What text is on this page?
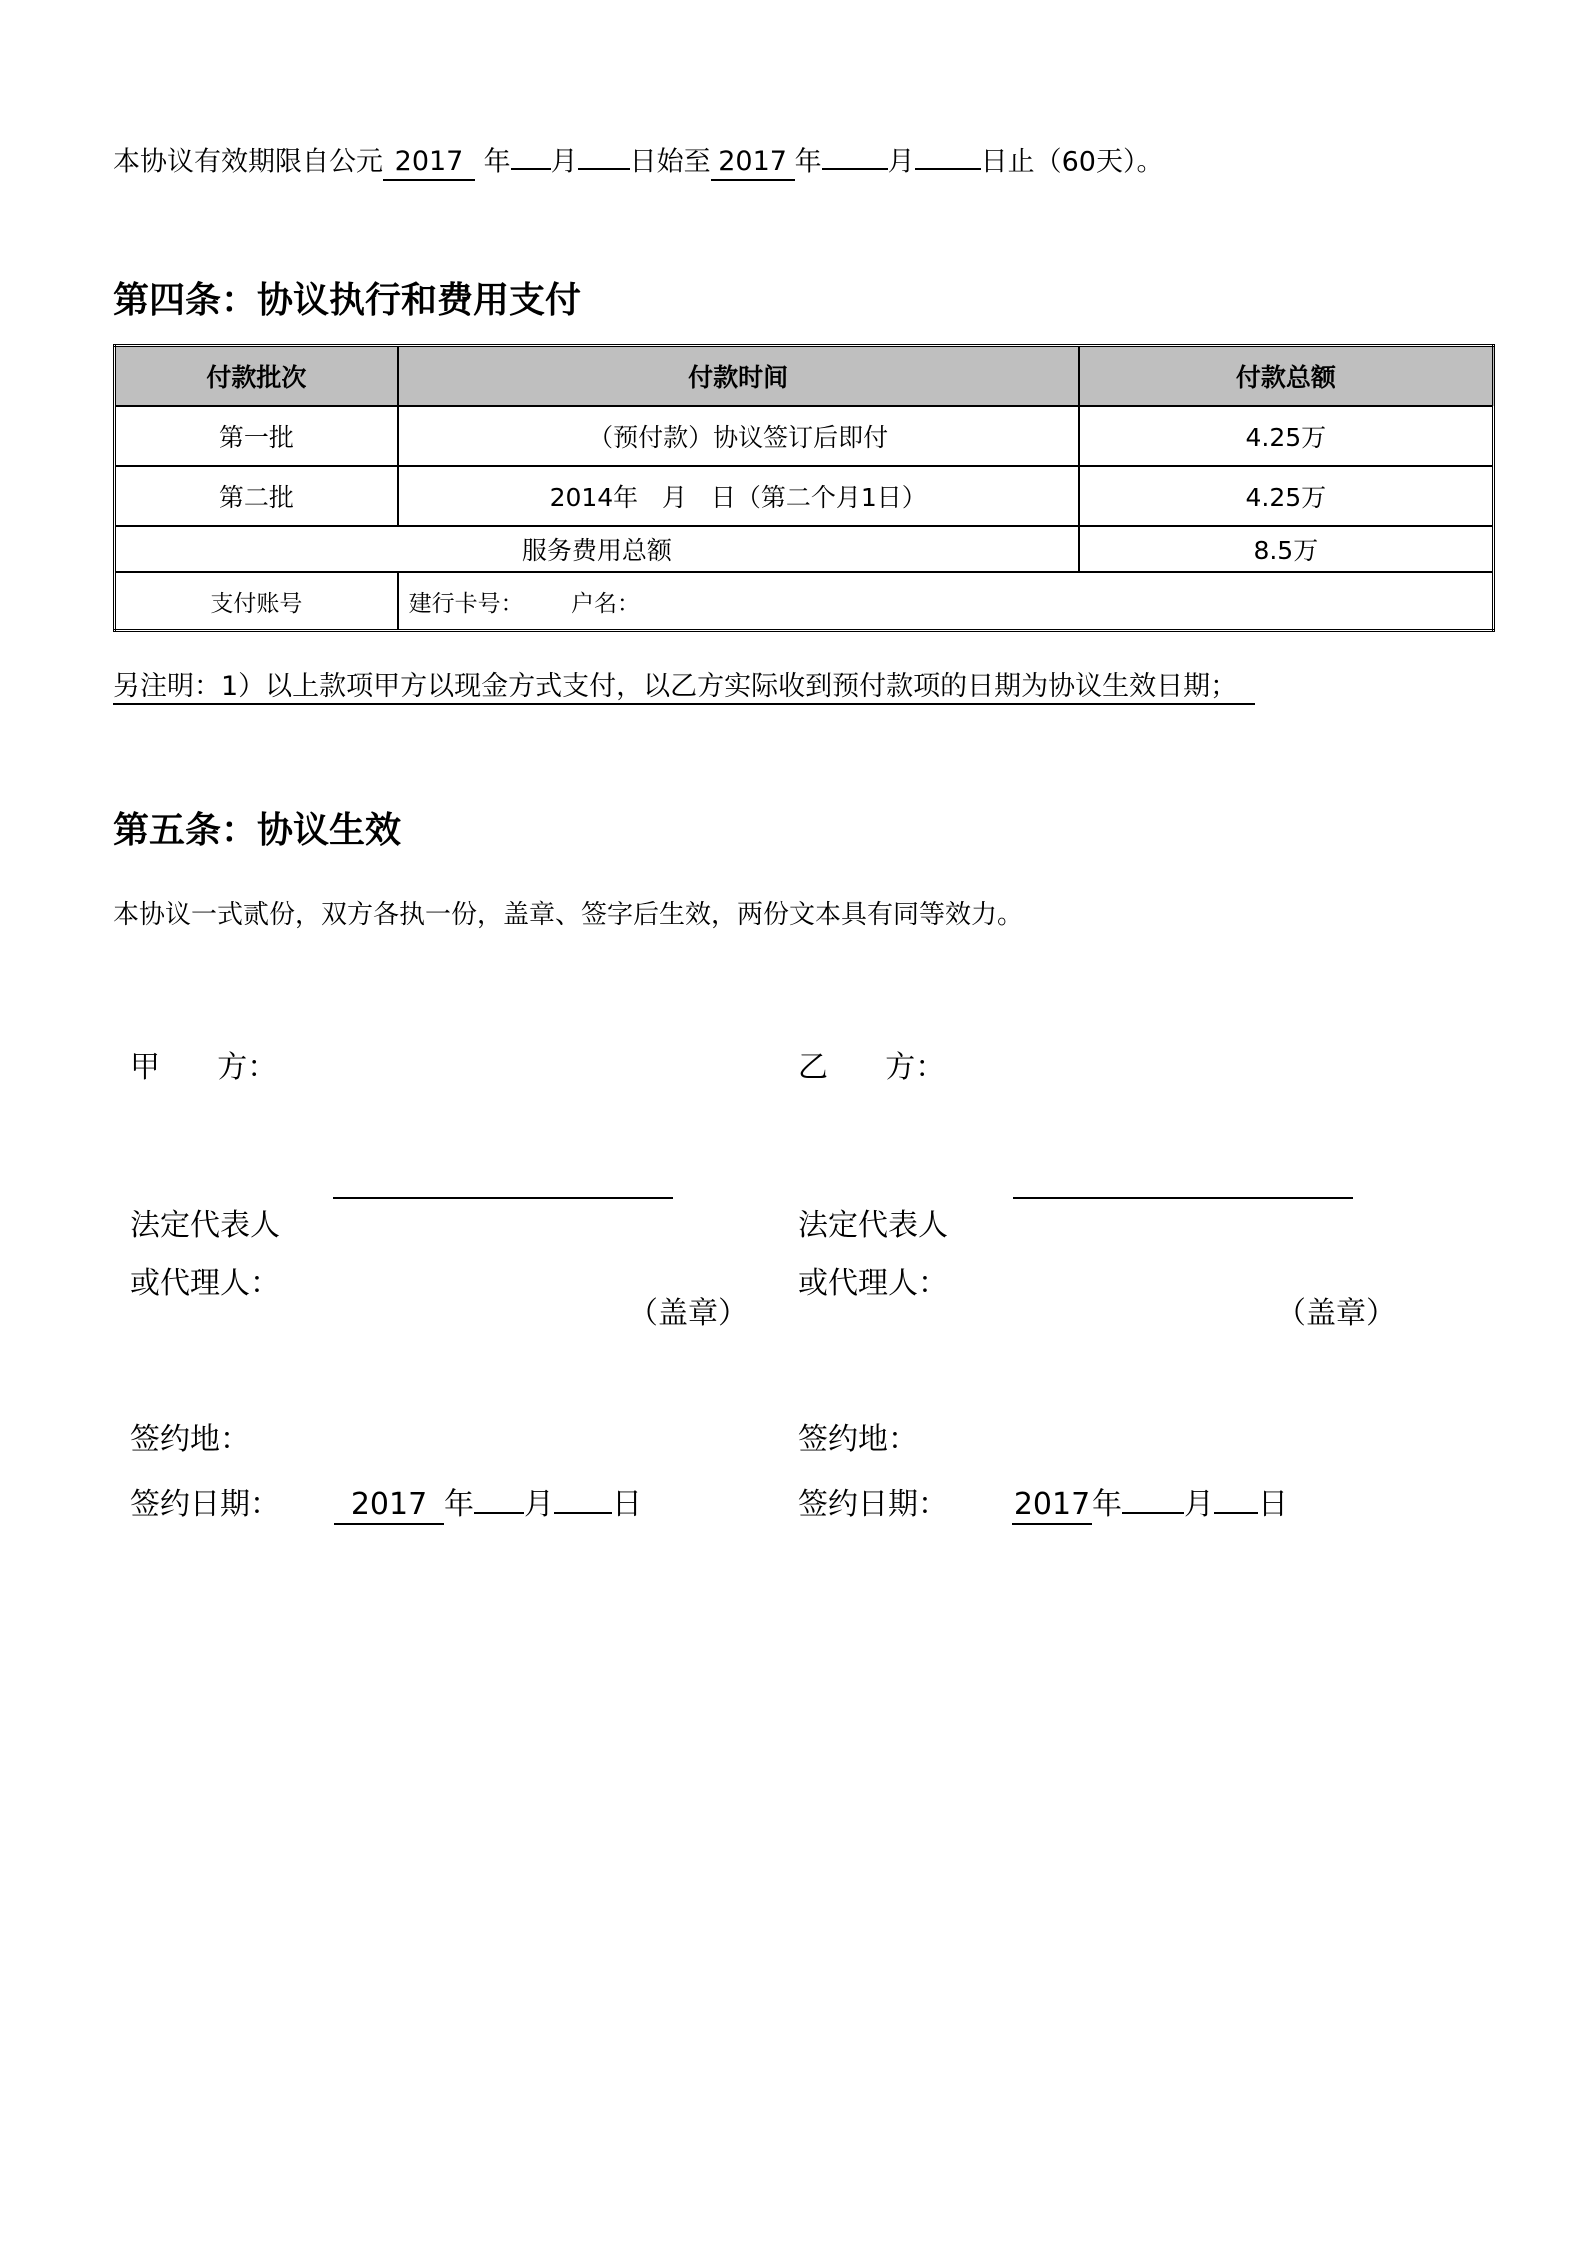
本协议有效期限自公元 2017 年 月 日始至 2017 年 月 日止（60天）。
第四条：协议执行和费用支付
付款批次	付款时间	付款总额
第一批	（预付款）协议签订后即付	4.25万
第二批	2014年   月   日（第二个月1日）	4.25万
服务费用总额		8.5万
支付账号	建行卡号： 户名：	
另注明：1）以上款项甲方以现金方式支付，以乙方实际收到预付款项的日期为协议生效日期；
第五条：协议生效
本协议一式贰份，双方各执一份，盖章、签字后生效，两份文本具有同等效力。
甲      方：
法定代表人
或代理人：
（盖章）
签约地：
签约日期： 2017 年 月 日
乙      方：
法定代表人
或代理人：
（盖章）
签约地：
签约日期： 2017年 月 日
